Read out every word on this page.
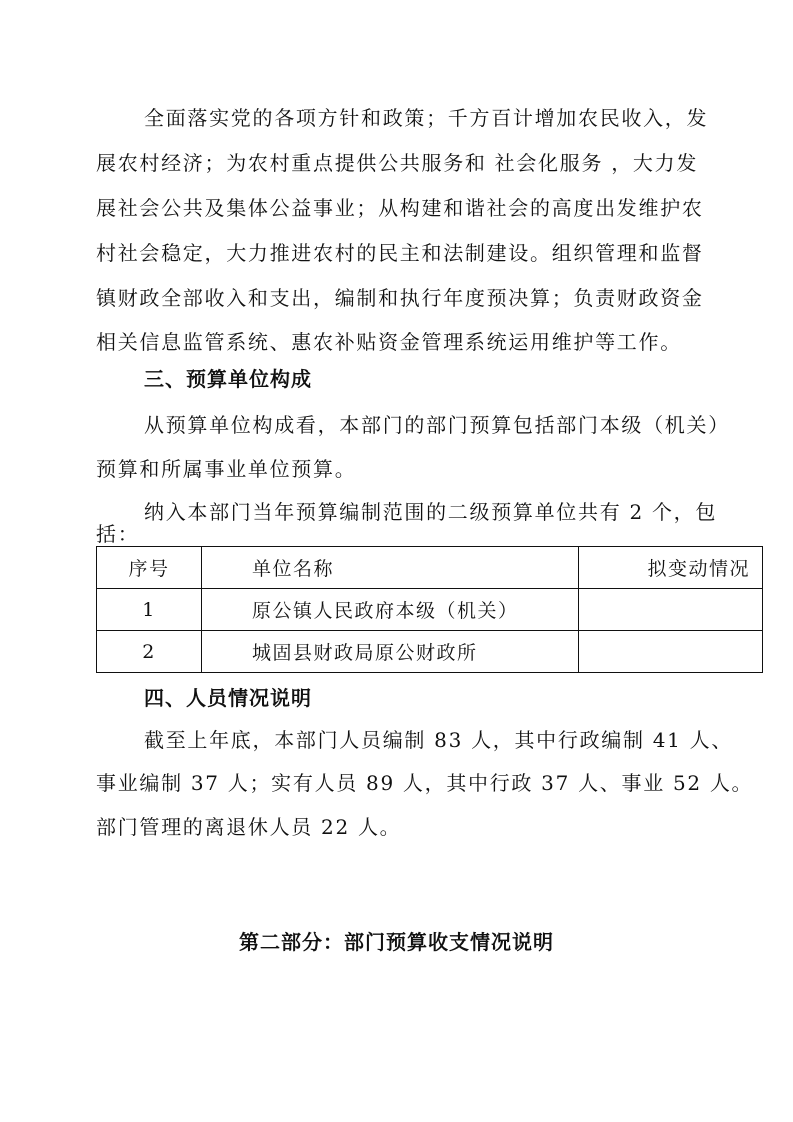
全面落实党的各项方针和政策；千方百计增加农民收入，发
展农村经济；为农村重点提供公共服务和 社会化服务 ，大力发
展社会公共及集体公益事业；从构建和谐社会的高度出发维护农
村社会稳定，大力推进农村的民主和法制建设。组织管理和监督
镇财政全部收入和支出，编制和执行年度预决算；负责财政资金
相关信息监管系统、惠农补贴资金管理系统运用维护等工作。
三、预算单位构成
从预算单位构成看，本部门的部门预算包括部门本级（机关）
预算和所属事业单位预算。
纳入本部门当年预算编制范围的二级预算单位共有 2 个，包
括：
序号	单位名称	拟变动情况
1	原公镇人民政府本级（机关）	
2	城固县财政局原公财政所	
四、人员情况说明
截至上年底，本部门人员编制 83 人，其中行政编制 41 人、
事业编制 37 人；实有人员 89 人，其中行政 37 人、事业 52 人。
部门管理的离退休人员 22 人。
第二部分：部门预算收支情况说明
